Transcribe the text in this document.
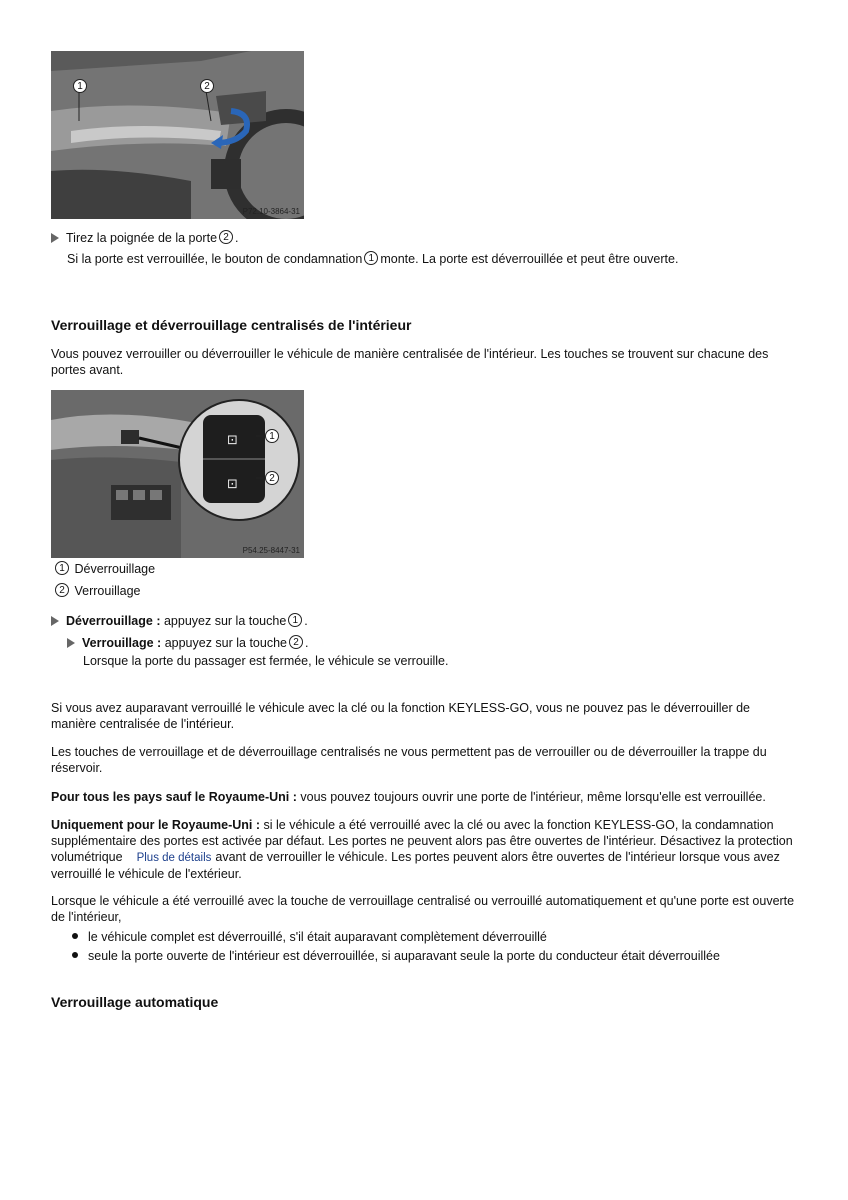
1	2
P72.10-3864-31
Tirez la poignée de la porte 2 .
Si la porte est verrouillée, le bouton de condamnation 1 monte. La porte est déverrouillée et peut être ouverte.
Verrouillage et déverrouillage centralisés de l'intérieur

Vous pouvez verrouiller ou déverrouiller le véhicule de manière centralisée de l'intérieur. Les touches se trouvent sur chacune des portes avant.

⊡
⊡
1
2
P54.25-8447-31
1 Déverrouillage
2 Verrouillage
Déverrouillage : appuyez sur la touche 1 .
Verrouillage : appuyez sur la touche 2 .
Lorsque la porte du passager est fermée, le véhicule se verrouille.

Si vous avez auparavant verrouillé le véhicule avec la clé ou la fonction KEYLESS-GO, vous ne pouvez pas le déverrouiller de manière centralisée de l'intérieur.

Les touches de verrouillage et de déverrouillage centralisés ne vous permettent pas de verrouiller ou de déverrouiller la trappe du réservoir.

Pour tous les pays sauf le Royaume-Uni : vous pouvez toujours ouvrir une porte de l'intérieur, même lorsqu'elle est verrouillée.

Uniquement pour le Royaume-Uni : si le véhicule a été verrouillé avec la clé ou avec la fonction KEYLESS-GO, la condamnation supplémentaire des portes est activée par défaut. Les portes ne peuvent alors pas être ouvertes de l'intérieur. Désactivez la protection volumétrique Plus de détails avant de verrouiller le véhicule. Les portes peuvent alors être ouvertes de l'intérieur lorsque vous avez verrouillé le véhicule de l'extérieur.

Lorsque le véhicule a été verrouillé avec la touche de verrouillage centralisé ou verrouillé automatiquement et qu'une porte est ouverte de l'intérieur,

le véhicule complet est déverrouillé, s'il était auparavant complètement déverrouillé
seule la porte ouverte de l'intérieur est déverrouillée, si auparavant seule la porte du conducteur était déverrouillée
Verrouillage automatique
